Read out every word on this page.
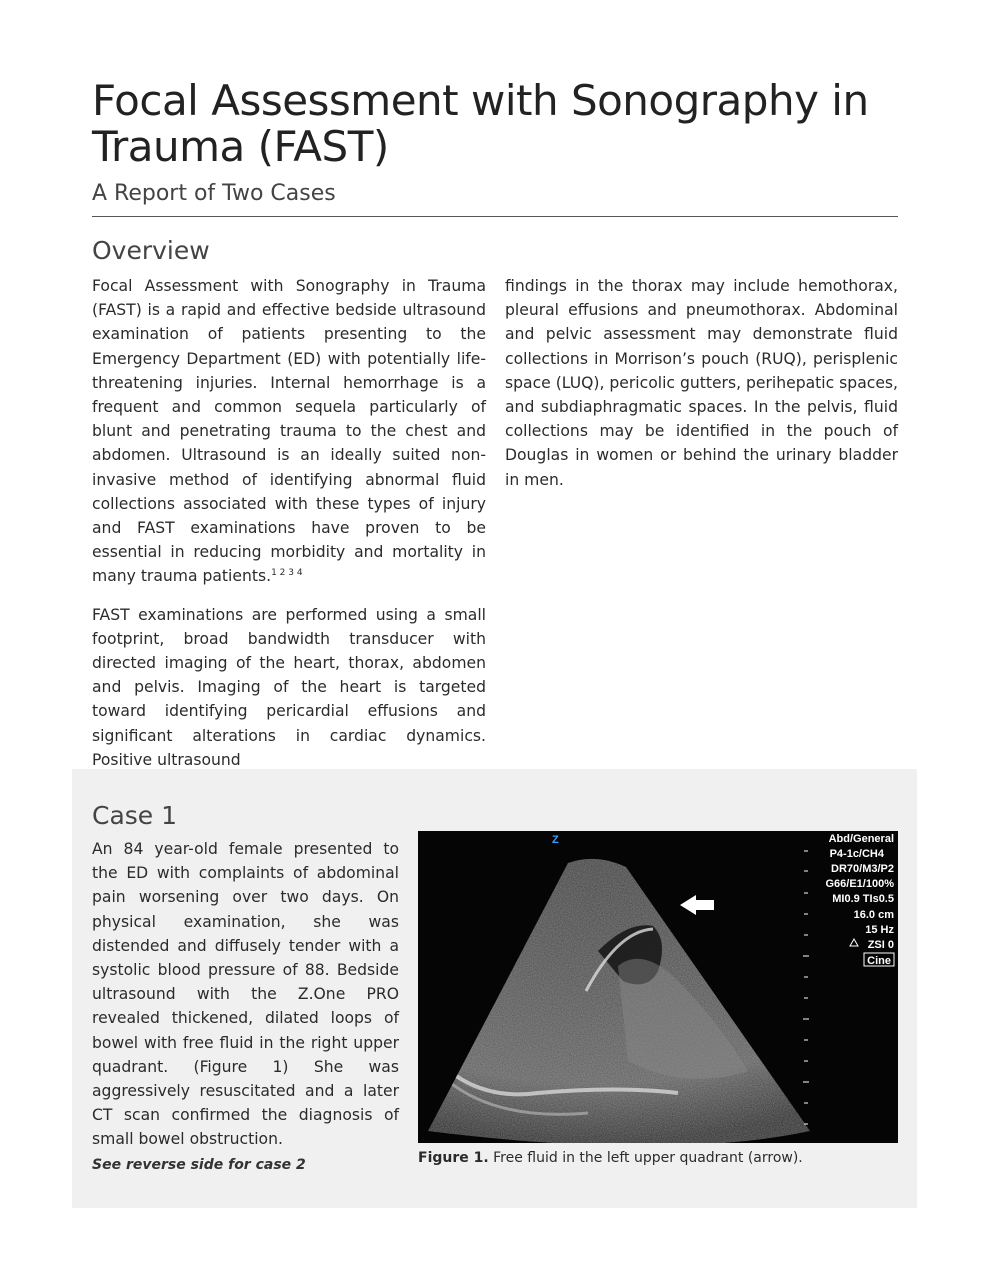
Focal Assessment with Sonography in Trauma (FAST)
A Report of Two Cases
Overview

Focal Assessment with Sonography in Trauma (FAST) is a rapid and effective bedside ultrasound examination of patients presenting to the Emergency Department (ED) with potentially life-threatening injuries. Internal hemorrhage is a frequent and common sequela particularly of blunt and penetrating trauma to the chest and abdomen. Ultrasound is an ideally suited non-invasive method of identifying abnormal fluid collections associated with these types of injury and FAST examinations have proven to be essential in reducing morbidity and mortality in many trauma patients.$^{1 2 3 4}$

FAST examinations are performed using a small footprint, broad bandwidth transducer with directed imaging of the heart, thorax, abdomen and pelvis. Imaging of the heart is targeted toward identifying pericardial effusions and significant alterations in cardiac dynamics. Positive ultrasound

findings in the thorax may include hemothorax, pleural effusions and pneumothorax. Abdominal and pelvic assessment may demonstrate fluid collections in Morrison’s pouch (RUQ), perisplenic space (LUQ), pericolic gutters, perihepatic spaces, and subdiaphragmatic spaces. In the pelvis, fluid collections may be identified in the pouch of Douglas in women or behind the urinary bladder in men.

Case 1
An 84 year-old female presented to the ED with complaints of abdominal pain worsening over two days. On physical examination, she was distended and diffusely tender with a systolic blood pressure of 88. Bedside ultrasound with the Z.One PRO revealed thickened, dilated loops of bowel with free fluid in the right upper quadrant. (Figure 1) She was aggressively resuscitated and a later CT scan confirmed the diagnosis of small bowel obstruction.

See reverse side for case 2

Z	Abd/General
P4-1c/CH4
DR70/M3/P2
G66/E1/100%
MI0.9 TIs0.5
16.0 cm
15 Hz
ZSI 0
Cine

Figure 1. Free fluid in the left upper quadrant (arrow).
